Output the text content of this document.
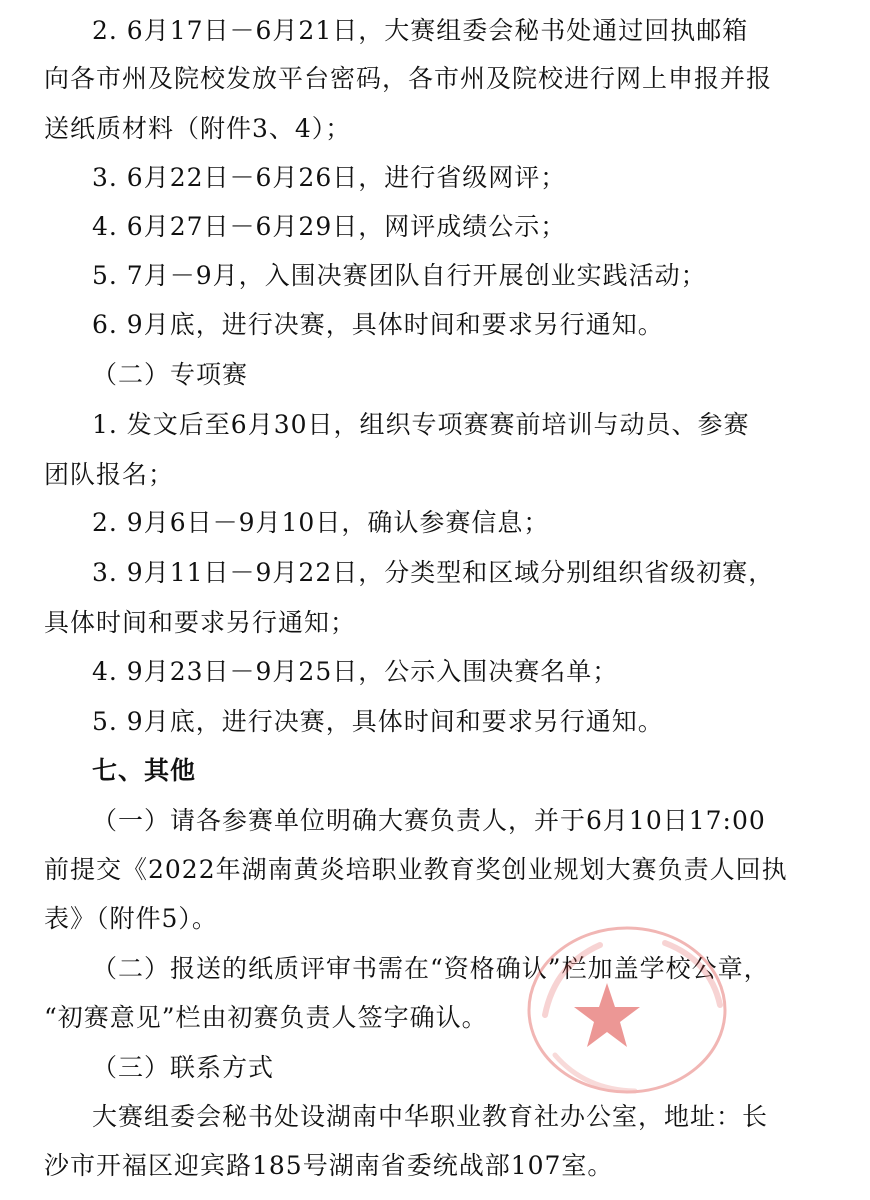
2. 6月17日－6月21日，大赛组委会秘书处通过回执邮箱
向各市州及院校发放平台密码，各市州及院校进行网上申报并报
送纸质材料（附件3、4）；
3. 6月22日－6月26日，进行省级网评；
4. 6月27日－6月29日，网评成绩公示；
5. 7月－9月，入围决赛团队自行开展创业实践活动；
6. 9月底，进行决赛，具体时间和要求另行通知。
（二）专项赛
1. 发文后至6月30日，组织专项赛赛前培训与动员、参赛
团队报名；
2. 9月6日－9月10日，确认参赛信息；
3. 9月11日－9月22日，分类型和区域分别组织省级初赛，
具体时间和要求另行通知；
4. 9月23日－9月25日，公示入围决赛名单；
5. 9月底，进行决赛，具体时间和要求另行通知。
七、其他
（一）请各参赛单位明确大赛负责人，并于6月10日17:00
前提交《2022年湖南黄炎培职业教育奖创业规划大赛负责人回执
表》（附件5）。
（二）报送的纸质评审书需在“资格确认”栏加盖学校公章，
“初赛意见”栏由初赛负责人签字确认。
（三）联系方式
大赛组委会秘书处设湖南中华职业教育社办公室，地址：长
沙市开福区迎宾路185号湖南省委统战部107室。
